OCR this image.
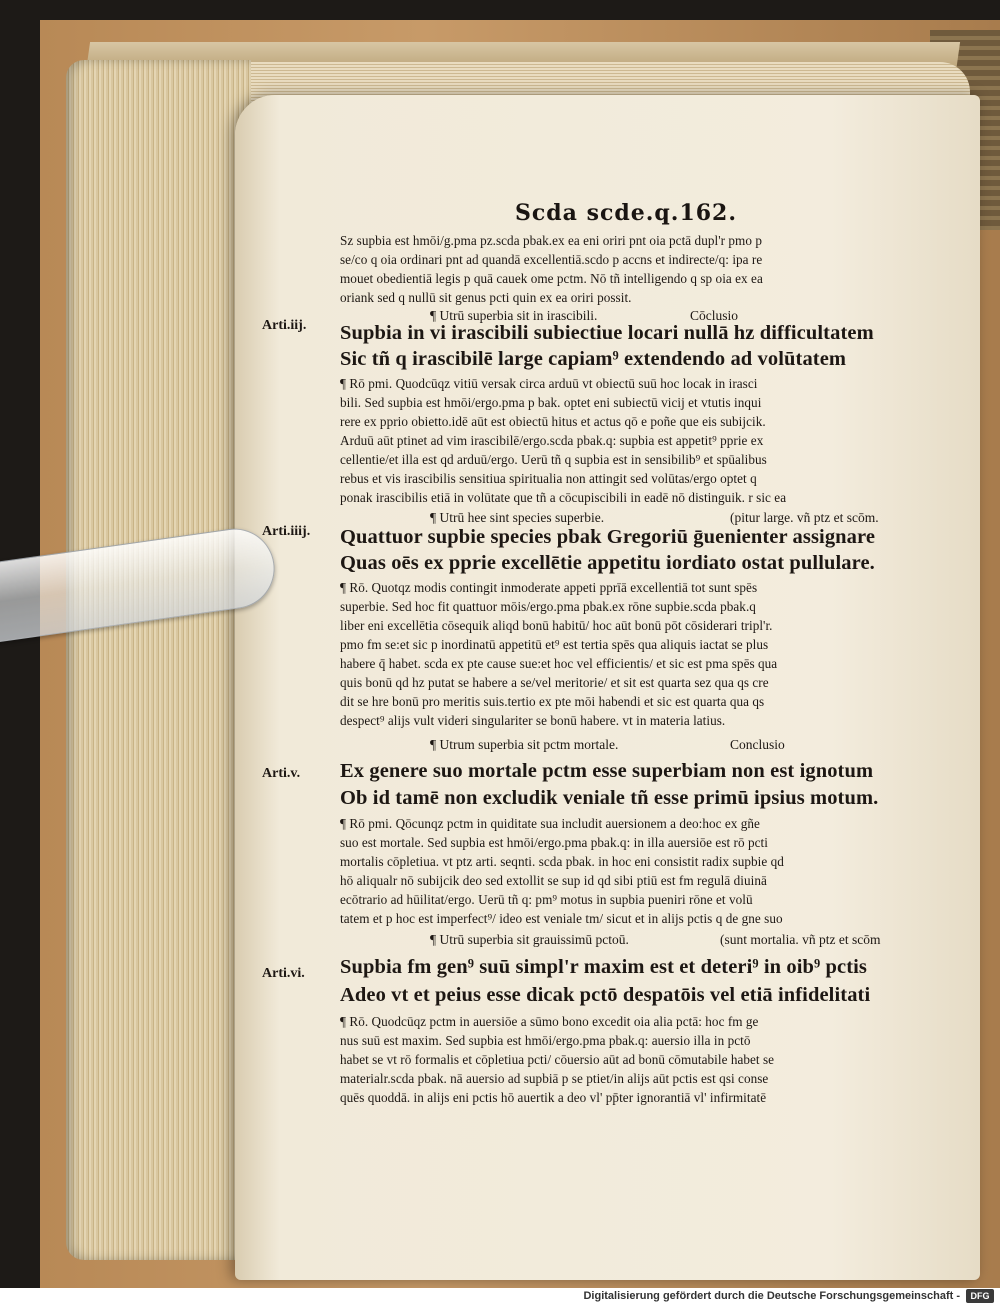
Scda scde.q.162.
Sz supbia est hmōi/g.pma pz.scda pbak.ex ea eni oriri pnt oia pctā dupl'r pmo p
se/co q oia ordinari pnt ad quandā excellentiā.scdo p accns et indirecte/q: ipa re
mouet obedientiā legis p quā cauek ome pctm. Nō tñ intelligendo q sp oia ex ea
oriank sed q nullū sit genus pcti quin ex ea oriri possit.
¶ Utrū superbia sit in irascibili.	Cōclusio
Arti.iij. Supbia in vi irascibili subiectiue locari nullā hz difficultatem
Sic tñ q irascibilē large capiam⁹ extendendo ad volūtatem
¶ Rō pmi. Quodcūqz vitiū versak circa arduū vt obiectū suū hoc locak in irasci
bili. Sed supbia est hmōi/ergo.pma p bak. optet eni subiectū vicij et vtutis inqui
rere ex pprio obietto.idē aūt est obiectū hitus et actus qō e poñe que eis subijcik.
Arduū aūt ptinet ad vim irascibilē/ergo.scda pbak.q: supbia est appetit⁹ pprie ex
cellentie/et illa est qd arduū/ergo. Uerū tñ q supbia est in sensibilib⁹ et spūalibus
rebus et vis irascibilis sensitiua spiritualia non attingit sed volūtas/ergo optet q
ponak irascibilis etiā in volūtate que tñ a cōcupiscibili in eadē nō distinguik. r sic ea
¶ Utrū hee sint species superbie.	(pitur large. vñ ptz et scōm.
Arti.iiij. Quattuor supbie species pbak Gregoriū ḡuenienter assignare
Quas oēs ex pprie excellētie appetitu iordiato ostat pullulare.
¶ Rō. Quotqz modis contingit inmoderate appeti pprīā excellentiā tot sunt spēs
superbie. Sed hoc fit quattuor mōis/ergo.pma pbak.ex rōne supbie.scda pbak.q
liber eni excellētia cōsequik aliqd bonū habitū/ hoc aūt bonū pōt cōsiderari tripl'r.
pmo fm se:et sic p inordinatū appetitū et⁹ est tertia spēs qua aliquis iactat se plus
habere q̄ habet. scda ex pte cause sue:et hoc vel efficientis/ et sic est pma spēs qua
quis bonū qd hz putat se habere a se/vel meritorie/ et sit est quarta sez qua qs cre
dit se hre bonū pro meritis suis.tertio ex pte mōi habendi et sic est quarta qua qs
despect⁹ alijs vult videri singulariter se bonū habere. vt in materia latius.
¶ Utrum superbia sit pctm mortale.	Conclusio
Arti.v. Ex genere suo mortale pctm esse superbiam non est ignotum
Ob id tamē non excludik veniale tñ esse primū ipsius motum.
¶ Rō pmi. Qōcunqz pctm in quiditate sua includit auersionem a deo:hoc ex gñe
suo est mortale. Sed supbia est hmōi/ergo.pma pbak.q: in illa auersiōe est rō pcti
mortalis cōpletiua. vt ptz arti. seqnti. scda pbak. in hoc eni consistit radix supbie qd
hō aliqualr nō subijcik deo sed extollit se sup id qd sibi ptiū est fm regulā diuinā
ecōtrario ad hūilitat/ergo. Uerū tñ q: pm⁹ motus in supbia pueniri rōne et volū
tatem et p hoc est imperfect⁹/ ideo est veniale tm/ sicut et in alijs pctis q de gne suo
¶ Utrū superbia sit grauissimū pctoū.	(sunt mortalia. vñ ptz et scōm
Arti.vi. Supbia fm gen⁹ suū simpl'r maxim est et deteri⁹ in oib⁹ pctis
Adeo vt et peius esse dicak pctō despatōis vel etiā infidelitati
¶ Rō. Quodcūqz pctm in auersiōe a sūmo bono excedit oia alia pctā: hoc fm ge
nus suū est maxim. Sed supbia est hmōi/ergo.pma pbak.q: auersio illa in pctō
habet se vt rō formalis et cōpletiua pcti/ cōuersio aūt ad bonū cōmutabile habet se
materialr.scda pbak. nā auersio ad supbiā p se ptiet/in alijs aūt pctis est qsi conse
quēs quoddā. in alijs eni pctis hō auertik a deo vl' pp̄ter ignorantiā vl' infirmitatē
Digitalisierung gefördert durch die Deutsche Forschungsgemeinschaft -	DFG
